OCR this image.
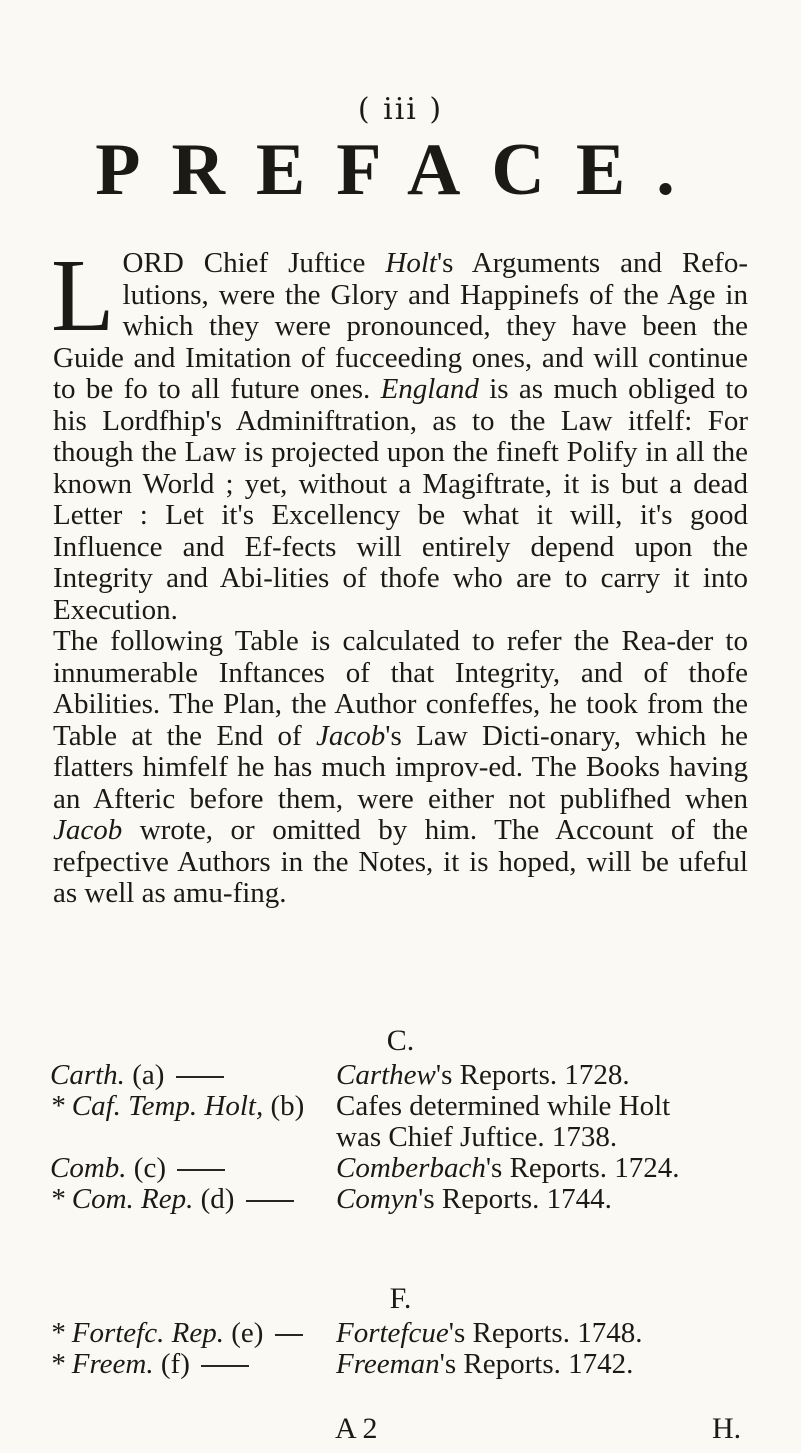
( iii )
PREFACE.

LORD Chief Juftice Holt's Arguments and Refo-lutions, were the Glory and Happinefs of the Age in which they were pronounced, they have been the Guide and Imitation of fucceeding ones, and will continue to be fo to all future ones. England is as much obliged to his Lordfhip's Adminiftration, as to the Law itfelf: For though the Law is projected upon the fineft Polify in all the known World ; yet, without a Magiftrate, it is but a dead Letter : Let it's Excellency be what it will, it's good Influence and Ef-fects will entirely depend upon the Integrity and Abi-lities of thofe who are to carry it into Execution.

The following Table is calculated to refer the Rea-der to innumerable Inftances of that Integrity, and of thofe Abilities. The Plan, the Author confeffes, he took from the Table at the End of Jacob's Law Dicti-onary, which he flatters himfelf he has much improv-ed. The Books having an Afteric before them, were either not publifhed when Jacob wrote, or omitted by him. The Account of the refpective Authors in the Notes, it is hoped, will be ufeful as well as amu-fing.

C.
Carth. (a)	Carthew's Reports. 1728.
* Caf. Temp. Holt, (b) Cafes determined while Holt
was Chief Juftice. 1738.
Comb. (c)	Comberbach's Reports. 1724.
* Com. Rep. (d)	Comyn's Reports. 1744.
F.
* Fortefc. Rep. (e)	Fortefcue's Reports. 1748.
* Freem. (f)	Freeman's Reports. 1742.
A 2	H.
